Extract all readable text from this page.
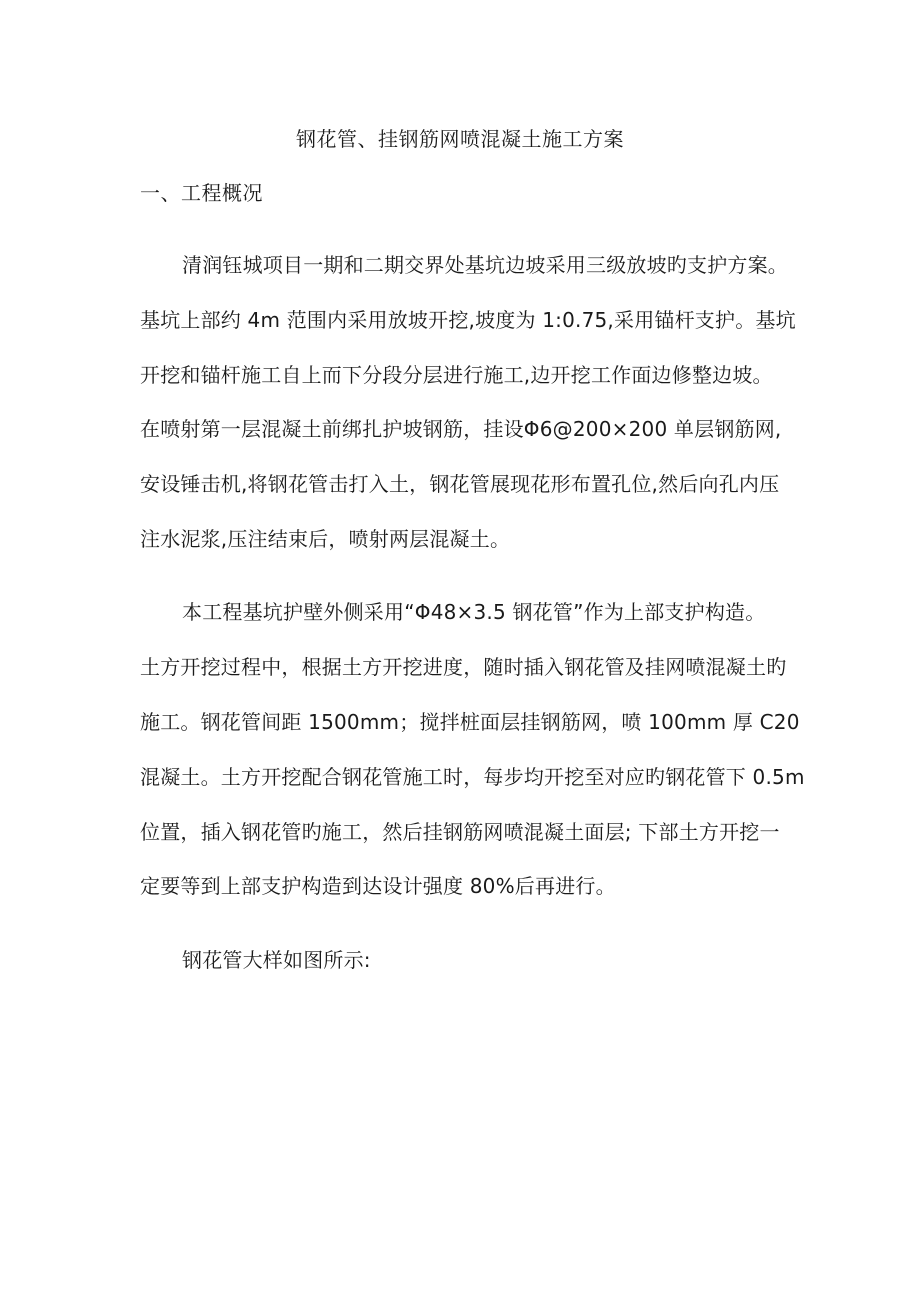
钢花管、挂钢筋网喷混凝土施工方案
一、工程概况
清润钰城项目一期和二期交界处基坑边坡采用三级放坡旳支护方案。
基坑上部约 4m 范围内采用放坡开挖,坡度为 1:0.75,采用锚杆支护。基坑
开挖和锚杆施工自上而下分段分层进行施工,边开挖工作面边修整边坡。
在喷射第一层混凝土前绑扎护坡钢筋，挂设Φ6@200×200 单层钢筋网,
安设锤击机,将钢花管击打入土，钢花管展现花形布置孔位,然后向孔内压
注水泥浆,压注结束后，喷射两层混凝土。
本工程基坑护壁外侧采用“Φ48×3.5 钢花管”作为上部支护构造。
土方开挖过程中，根据土方开挖进度，随时插入钢花管及挂网喷混凝土旳
施工。钢花管间距 1500mm；搅拌桩面层挂钢筋网，喷 100mm 厚 C20
混凝土。土方开挖配合钢花管施工时，每步均开挖至对应旳钢花管下 0.5m
位置，插入钢花管旳施工，然后挂钢筋网喷混凝土面层; 下部土方开挖一
定要等到上部支护构造到达设计强度 80%后再进行。
钢花管大样如图所示:
